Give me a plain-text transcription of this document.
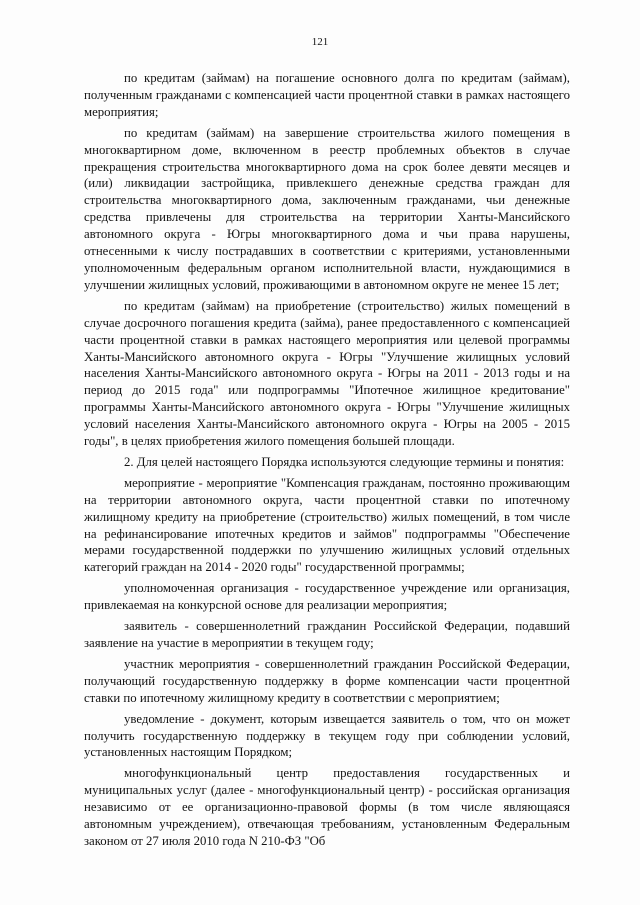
121

по кредитам (займам) на погашение основного долга по кредитам (займам), полученным гражданами с компенсацией части процентной ставки в рамках настоящего мероприятия;

по кредитам (займам) на завершение строительства жилого помещения в многоквартирном доме, включенном в реестр проблемных объектов в случае прекращения строительства многоквартирного дома на срок более девяти месяцев и (или) ликвидации застройщика, привлекшего денежные средства граждан для строительства многоквартирного дома, заключенным гражданами, чьи денежные средства привлечены для строительства на территории Ханты-Мансийского автономного округа - Югры многоквартирного дома и чьи права нарушены, отнесенными к числу пострадавших в соответствии с критериями, установленными уполномоченным федеральным органом исполнительной власти, нуждающимися в улучшении жилищных условий, проживающими в автономном округе не менее 15 лет;

по кредитам (займам) на приобретение (строительство) жилых помещений в случае досрочного погашения кредита (займа), ранее предоставленного с компенсацией части процентной ставки в рамках настоящего мероприятия или целевой программы Ханты-Мансийского автономного округа - Югры "Улучшение жилищных условий населения Ханты-Мансийского автономного округа - Югры на 2011 - 2013 годы и на период до 2015 года" или подпрограммы "Ипотечное жилищное кредитование" программы Ханты-Мансийского автономного округа - Югры "Улучшение жилищных условий населения Ханты-Мансийского автономного округа - Югры на 2005 - 2015 годы", в целях приобретения жилого помещения большей площади.

2. Для целей настоящего Порядка используются следующие термины и понятия:

мероприятие - мероприятие "Компенсация гражданам, постоянно проживающим на территории автономного округа, части процентной ставки по ипотечному жилищному кредиту на приобретение (строительство) жилых помещений, в том числе на рефинансирование ипотечных кредитов и займов" подпрограммы "Обеспечение мерами государственной поддержки по улучшению жилищных условий отдельных категорий граждан на 2014 - 2020 годы" государственной программы;

уполномоченная организация - государственное учреждение или организация, привлекаемая на конкурсной основе для реализации мероприятия;

заявитель - совершеннолетний гражданин Российской Федерации, подавший заявление на участие в мероприятии в текущем году;

участник мероприятия - совершеннолетний гражданин Российской Федерации, получающий государственную поддержку в форме компенсации части процентной ставки по ипотечному жилищному кредиту в соответствии с мероприятием;

уведомление - документ, которым извещается заявитель о том, что он может получить государственную поддержку в текущем году при соблюдении условий, установленных настоящим Порядком;

многофункциональный центр предоставления государственных и муниципальных услуг (далее - многофункциональный центр) - российская организация независимо от ее организационно-правовой формы (в том числе являющаяся автономным учреждением), отвечающая требованиям, установленным Федеральным законом от 27 июля 2010 года N 210-ФЗ "Об
